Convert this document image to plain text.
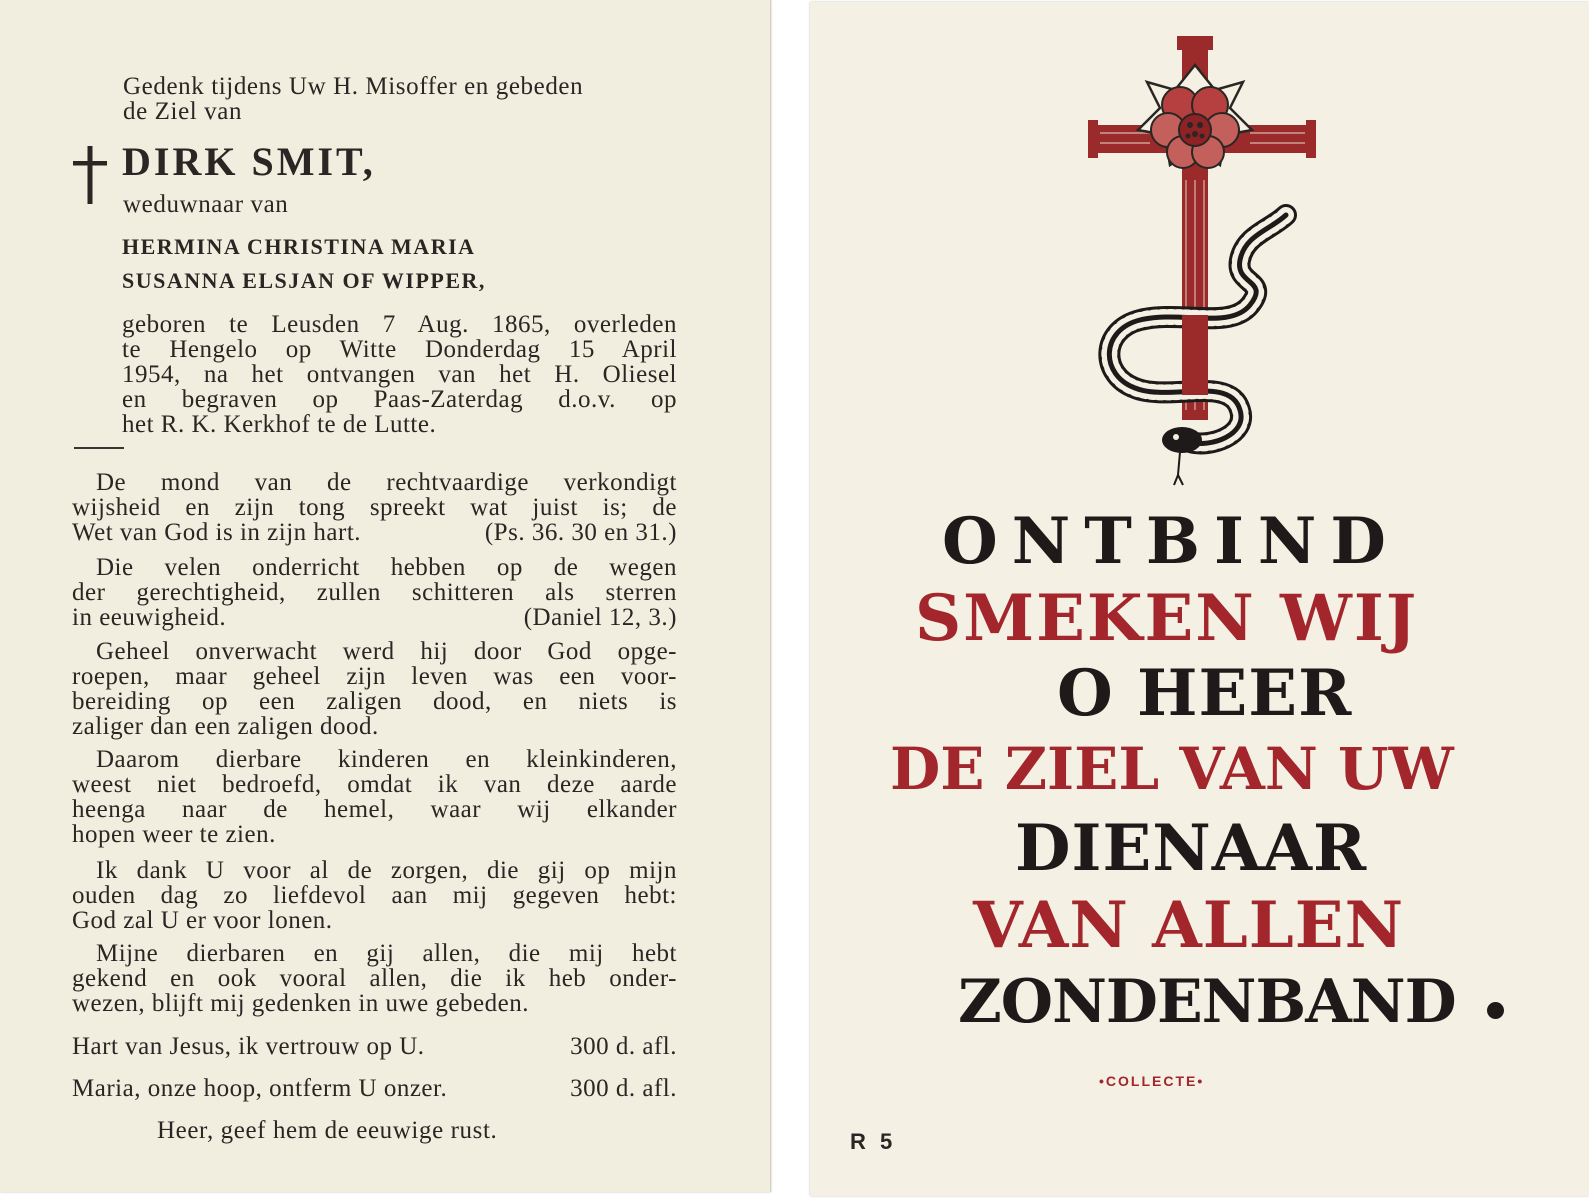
Gedenk tijdens Uw H. Misoffer en gebeden
de Ziel van
DIRK SMIT,
weduwnaar van
HERMINA CHRISTINA MARIA
SUSANNA ELSJAN OF WIPPER,
geboren te Leusden 7 Aug. 1865, overleden
te Hengelo op Witte Donderdag 15 April
1954, na het ontvangen van het H. Oliesel
en begraven op Paas-Zaterdag d.o.v. op
het R. K. Kerkhof te de Lutte.
De mond van de rechtvaardige verkondigt
wijsheid en zijn tong spreekt wat juist is; de
Wet van God is in zijn hart.	(Ps. 36. 30 en 31.)
Die velen onderricht hebben op de wegen
der gerechtigheid, zullen schitteren als sterren
in eeuwigheid.	(Daniel 12, 3.)
Geheel onverwacht werd hij door God opge-
roepen, maar geheel zijn leven was een voor-
bereiding op een zaligen dood, en niets is
zaliger dan een zaligen dood.
Daarom dierbare kinderen en kleinkinderen,
weest niet bedroefd, omdat ik van deze aarde
heenga naar de hemel, waar wij elkander
hopen weer te zien.
Ik dank U voor al de zorgen, die gij op mijn
ouden dag zo liefdevol aan mij gegeven hebt:
God zal U er voor lonen.
Mijne dierbaren en gij allen, die mij hebt
gekend en ook vooral allen, die ik heb onder-
wezen, blijft mij gedenken in uwe gebeden.
Hart van Jesus, ik vertrouw op U.	300 d. afl.
Maria, onze hoop, ontferm U onzer.	300 d. afl.
Heer, geef hem de eeuwige rust.
ONTBIND
SMEKEN WIJ
O HEER
DE ZIEL VAN UW
DIENAAR
VAN ALLEN
ZONDENBAND
•COLLECTE•
R 5
